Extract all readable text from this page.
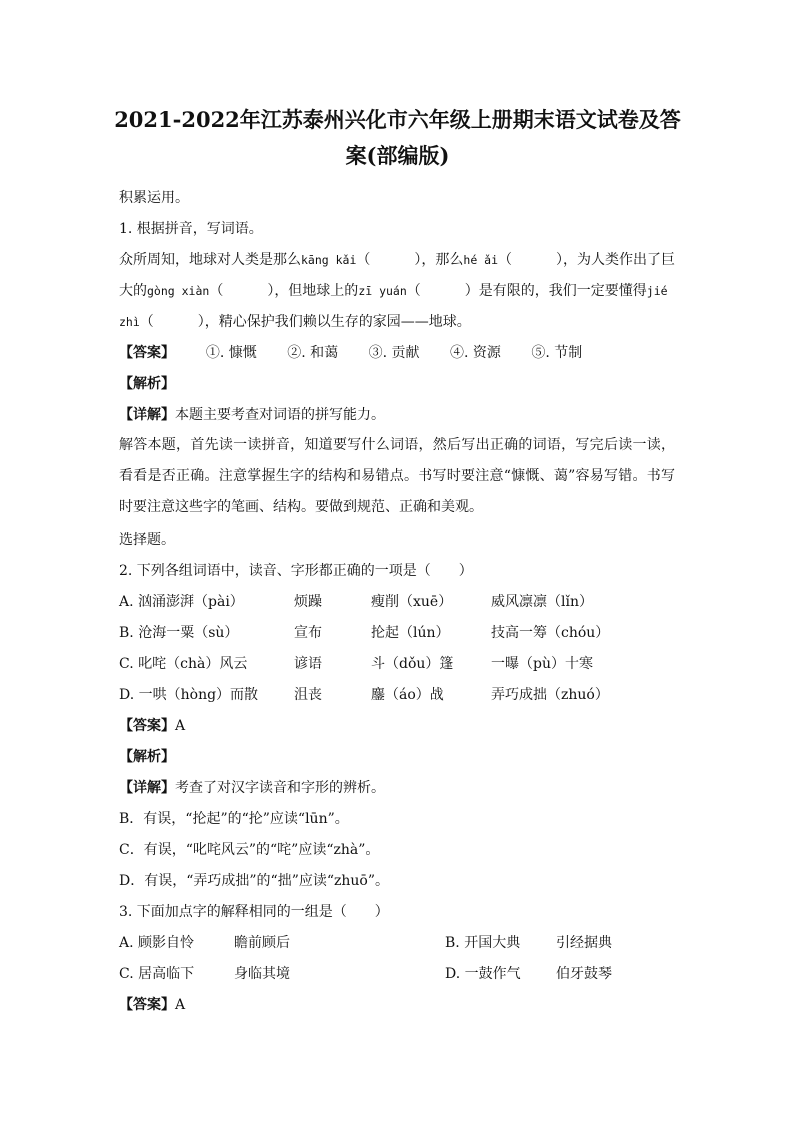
2021-2022年江苏泰州兴化市六年级上册期末语文试卷及答
案(部编版)
积累运用。
1. 根据拼音，写词语。
众所周知，地球对人类是那么kāng kǎi（	），那么hé ǎi（	），为人类作出了巨
大的gòng xiàn（	），但地球上的zī yuán（	）是有限的，我们一定要懂得jié
zhì（	），精心保护我们赖以生存的家园——地球。
【答案】 ①. 慷慨 ②. 和蔼 ③. 贡献 ④. 资源 ⑤. 节制
【解析】
【详解】本题主要考查对词语的拼写能力。
解答本题，首先读一读拼音，知道要写什么词语，然后写出正确的词语，写完后读一读，看看是否正确。注意掌握生字的结构和易错点。书写时要注意“慷慨、蔼”容易写错。书写时要注意这些字的笔画、结构。要做到规范、正确和美观。
选择题。
2. 下列各组词语中，读音、字形都正确的一项是（　　）
A. 汹涌澎湃（pài）	烦躁	瘦削（xuē）	威风凛凛（lǐn）
B. 沧海一粟（sù）	宣布	抡起（lún）	技高一筹（chóu）
C. 叱咤（chà）风云	谚语	斗（dǒu）篷	一曝（pù）十寒
D. 一哄（hòng）而散	沮丧	鏖（áo）战	弄巧成拙（zhuó）
【答案】A
【解析】
【详解】考查了对汉字读音和字形的辨析。
B．有误，“抡起”的“抡”应读“lūn”。
C．有误，“叱咤风云”的“咤”应读“zhà”。
D．有误，“弄巧成拙”的“拙”应读“zhuō”。
3. 下面加点字的解释相同的一组是（　　）
A. 顾影自怜	瞻前顾后	B. 开国大典	引经据典
C. 居高临下	身临其境	D. 一鼓作气	伯牙鼓琴
【答案】A
